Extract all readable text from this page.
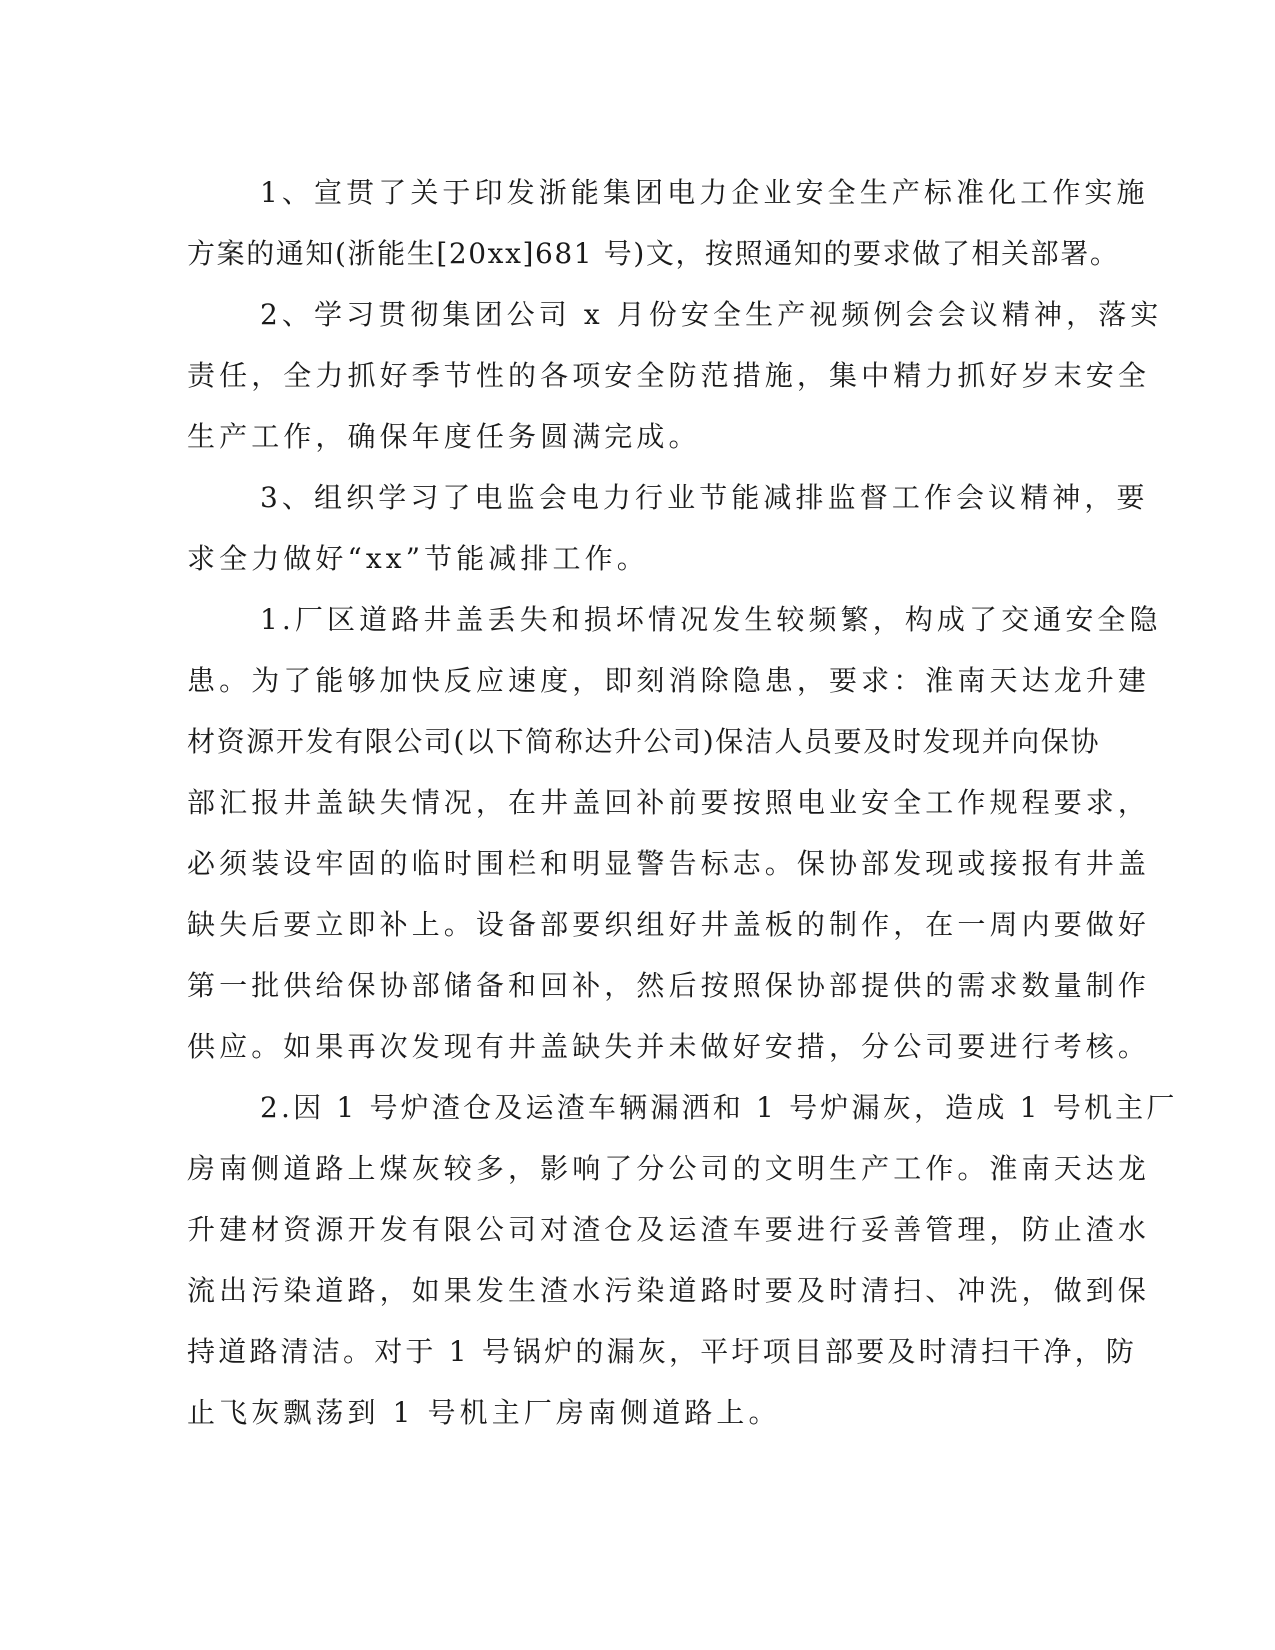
1、宣贯了关于印发浙能集团电力企业安全生产标准化工作实施
方案的通知(浙能生[20xx]681 号)文，按照通知的要求做了相关部署。
2、学习贯彻集团公司 x 月份安全生产视频例会会议精神，落实
责任，全力抓好季节性的各项安全防范措施，集中精力抓好岁末安全
生产工作，确保年度任务圆满完成。
3、组织学习了电监会电力行业节能减排监督工作会议精神，要
求全力做好“xx”节能减排工作。
1.厂区道路井盖丢失和损坏情况发生较频繁，构成了交通安全隐
患。为了能够加快反应速度，即刻消除隐患，要求：淮南天达龙升建
材资源开发有限公司(以下简称达升公司)保洁人员要及时发现并向保协
部汇报井盖缺失情况，在井盖回补前要按照电业安全工作规程要求，
必须装设牢固的临时围栏和明显警告标志。保协部发现或接报有井盖
缺失后要立即补上。设备部要织组好井盖板的制作，在一周内要做好
第一批供给保协部储备和回补，然后按照保协部提供的需求数量制作
供应。如果再次发现有井盖缺失并未做好安措，分公司要进行考核。
2.因 1 号炉渣仓及运渣车辆漏洒和 1 号炉漏灰，造成 1 号机主厂
房南侧道路上煤灰较多，影响了分公司的文明生产工作。淮南天达龙
升建材资源开发有限公司对渣仓及运渣车要进行妥善管理，防止渣水
流出污染道路，如果发生渣水污染道路时要及时清扫、冲洗，做到保
持道路清洁。对于 1 号锅炉的漏灰，平圩项目部要及时清扫干净，防
止飞灰飘荡到 1 号机主厂房南侧道路上。
